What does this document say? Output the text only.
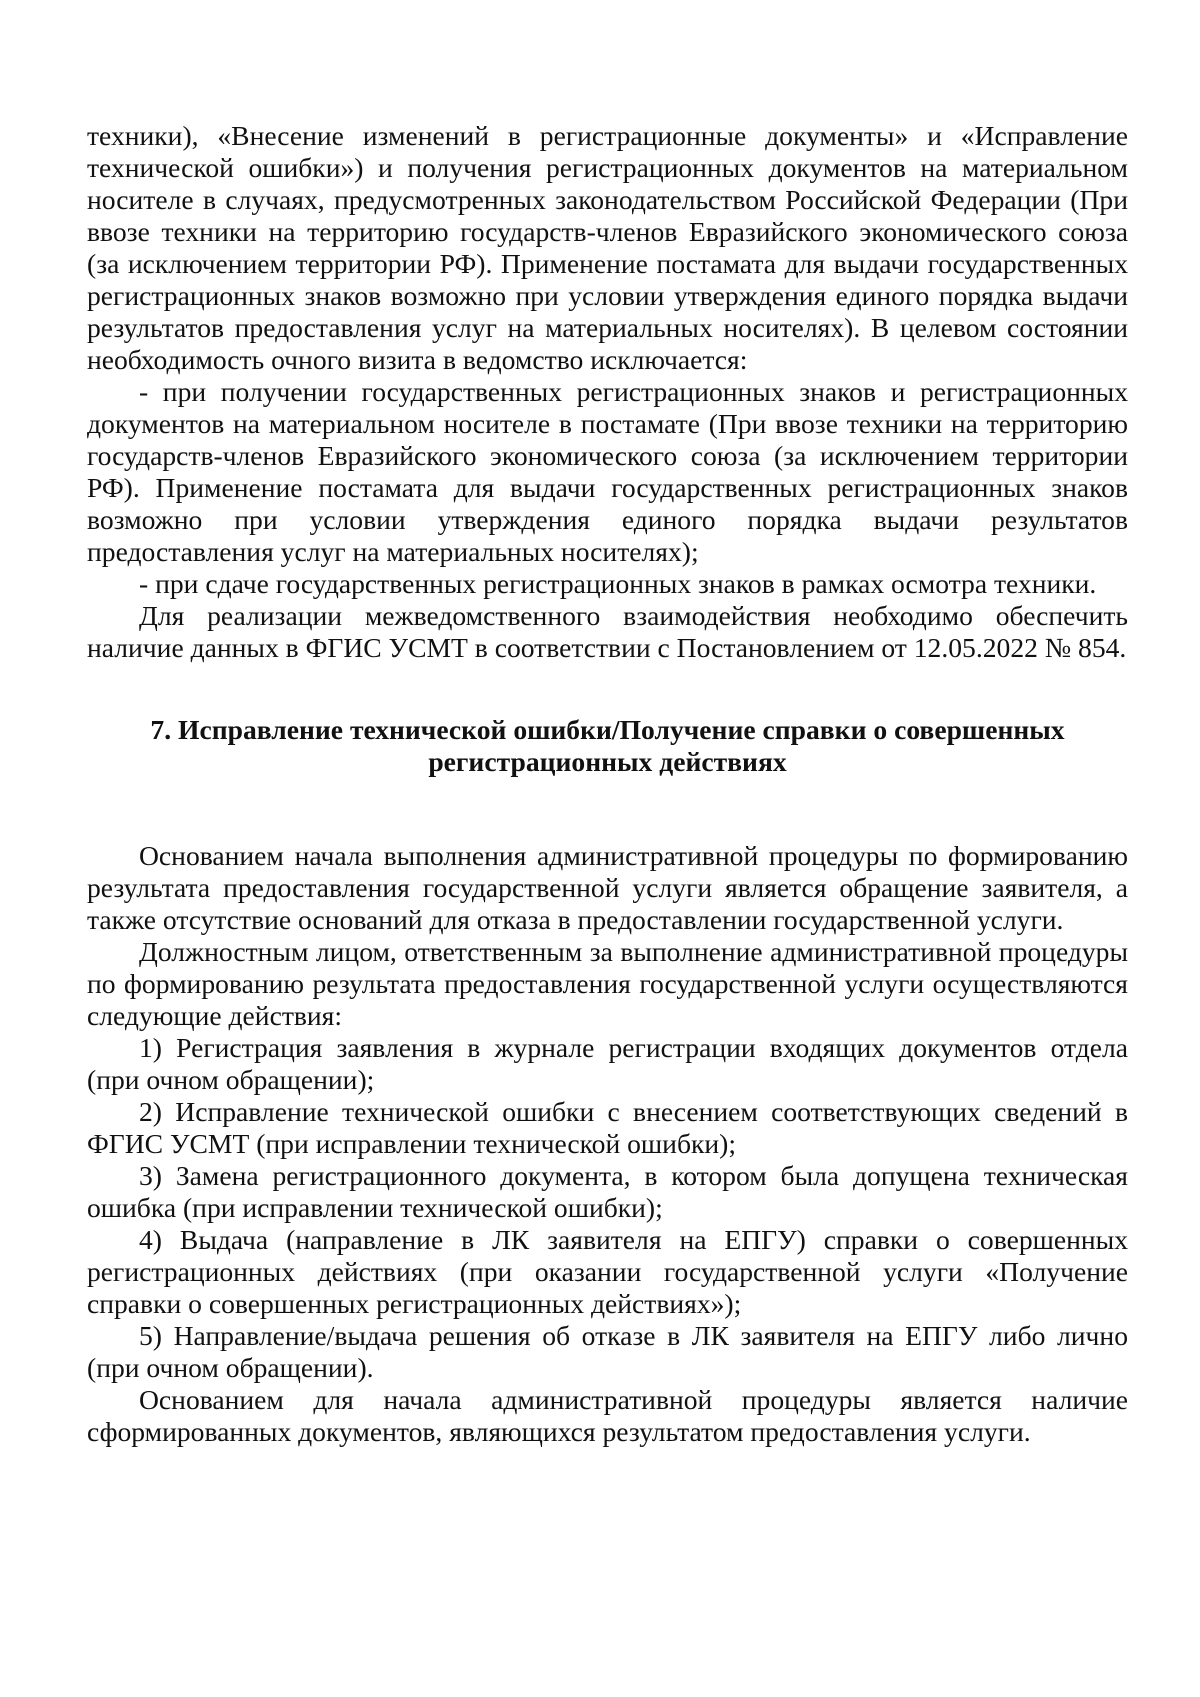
техники), «Внесение изменений в регистрационные документы» и «Исправление технической ошибки») и получения регистрационных документов на материальном носителе в случаях, предусмотренных законодательством Российской Федерации (При ввозе техники на территорию государств-членов Евразийского экономического союза (за исключением территории РФ). Применение постамата для выдачи государственных регистрационных знаков возможно при условии утверждения единого порядка выдачи результатов предоставления услуг на материальных носителях). В целевом состоянии необходимость очного визита в ведомство исключается:

- при получении государственных регистрационных знаков и регистрационных документов на материальном носителе в постамате (При ввозе техники на территорию государств-членов Евразийского экономического союза (за исключением территории РФ). Применение постамата для выдачи государственных регистрационных знаков возможно при условии утверждения единого порядка выдачи результатов предоставления услуг на материальных носителях);

- при сдаче государственных регистрационных знаков в рамках осмотра техники.

Для реализации межведомственного взаимодействия необходимо обеспечить наличие данных в ФГИС УСМТ в соответствии с Постановлением от 12.05.2022 № 854.

7. Исправление технической ошибки/Получение справки о совершенных
регистрационных действиях

Основанием начала выполнения административной процедуры по формированию результата предоставления государственной услуги является обращение заявителя, а также отсутствие оснований для отказа в предоставлении государственной услуги.

Должностным лицом, ответственным за выполнение административной процедуры по формированию результата предоставления государственной услуги осуществляются следующие действия:

1) Регистрация заявления в журнале регистрации входящих документов отдела (при очном обращении);

2) Исправление технической ошибки с внесением соответствующих сведений в ФГИС УСМТ (при исправлении технической ошибки);

3) Замена регистрационного документа, в котором была допущена техническая ошибка (при исправлении технической ошибки);

4) Выдача (направление в ЛК заявителя на ЕПГУ) справки о совершенных регистрационных действиях (при оказании государственной услуги «Получение справки о совершенных регистрационных действиях»);

5) Направление/выдача решения об отказе в ЛК заявителя на ЕПГУ либо лично (при очном обращении).

Основанием для начала административной процедуры является наличие сформированных документов, являющихся результатом предоставления услуги.
